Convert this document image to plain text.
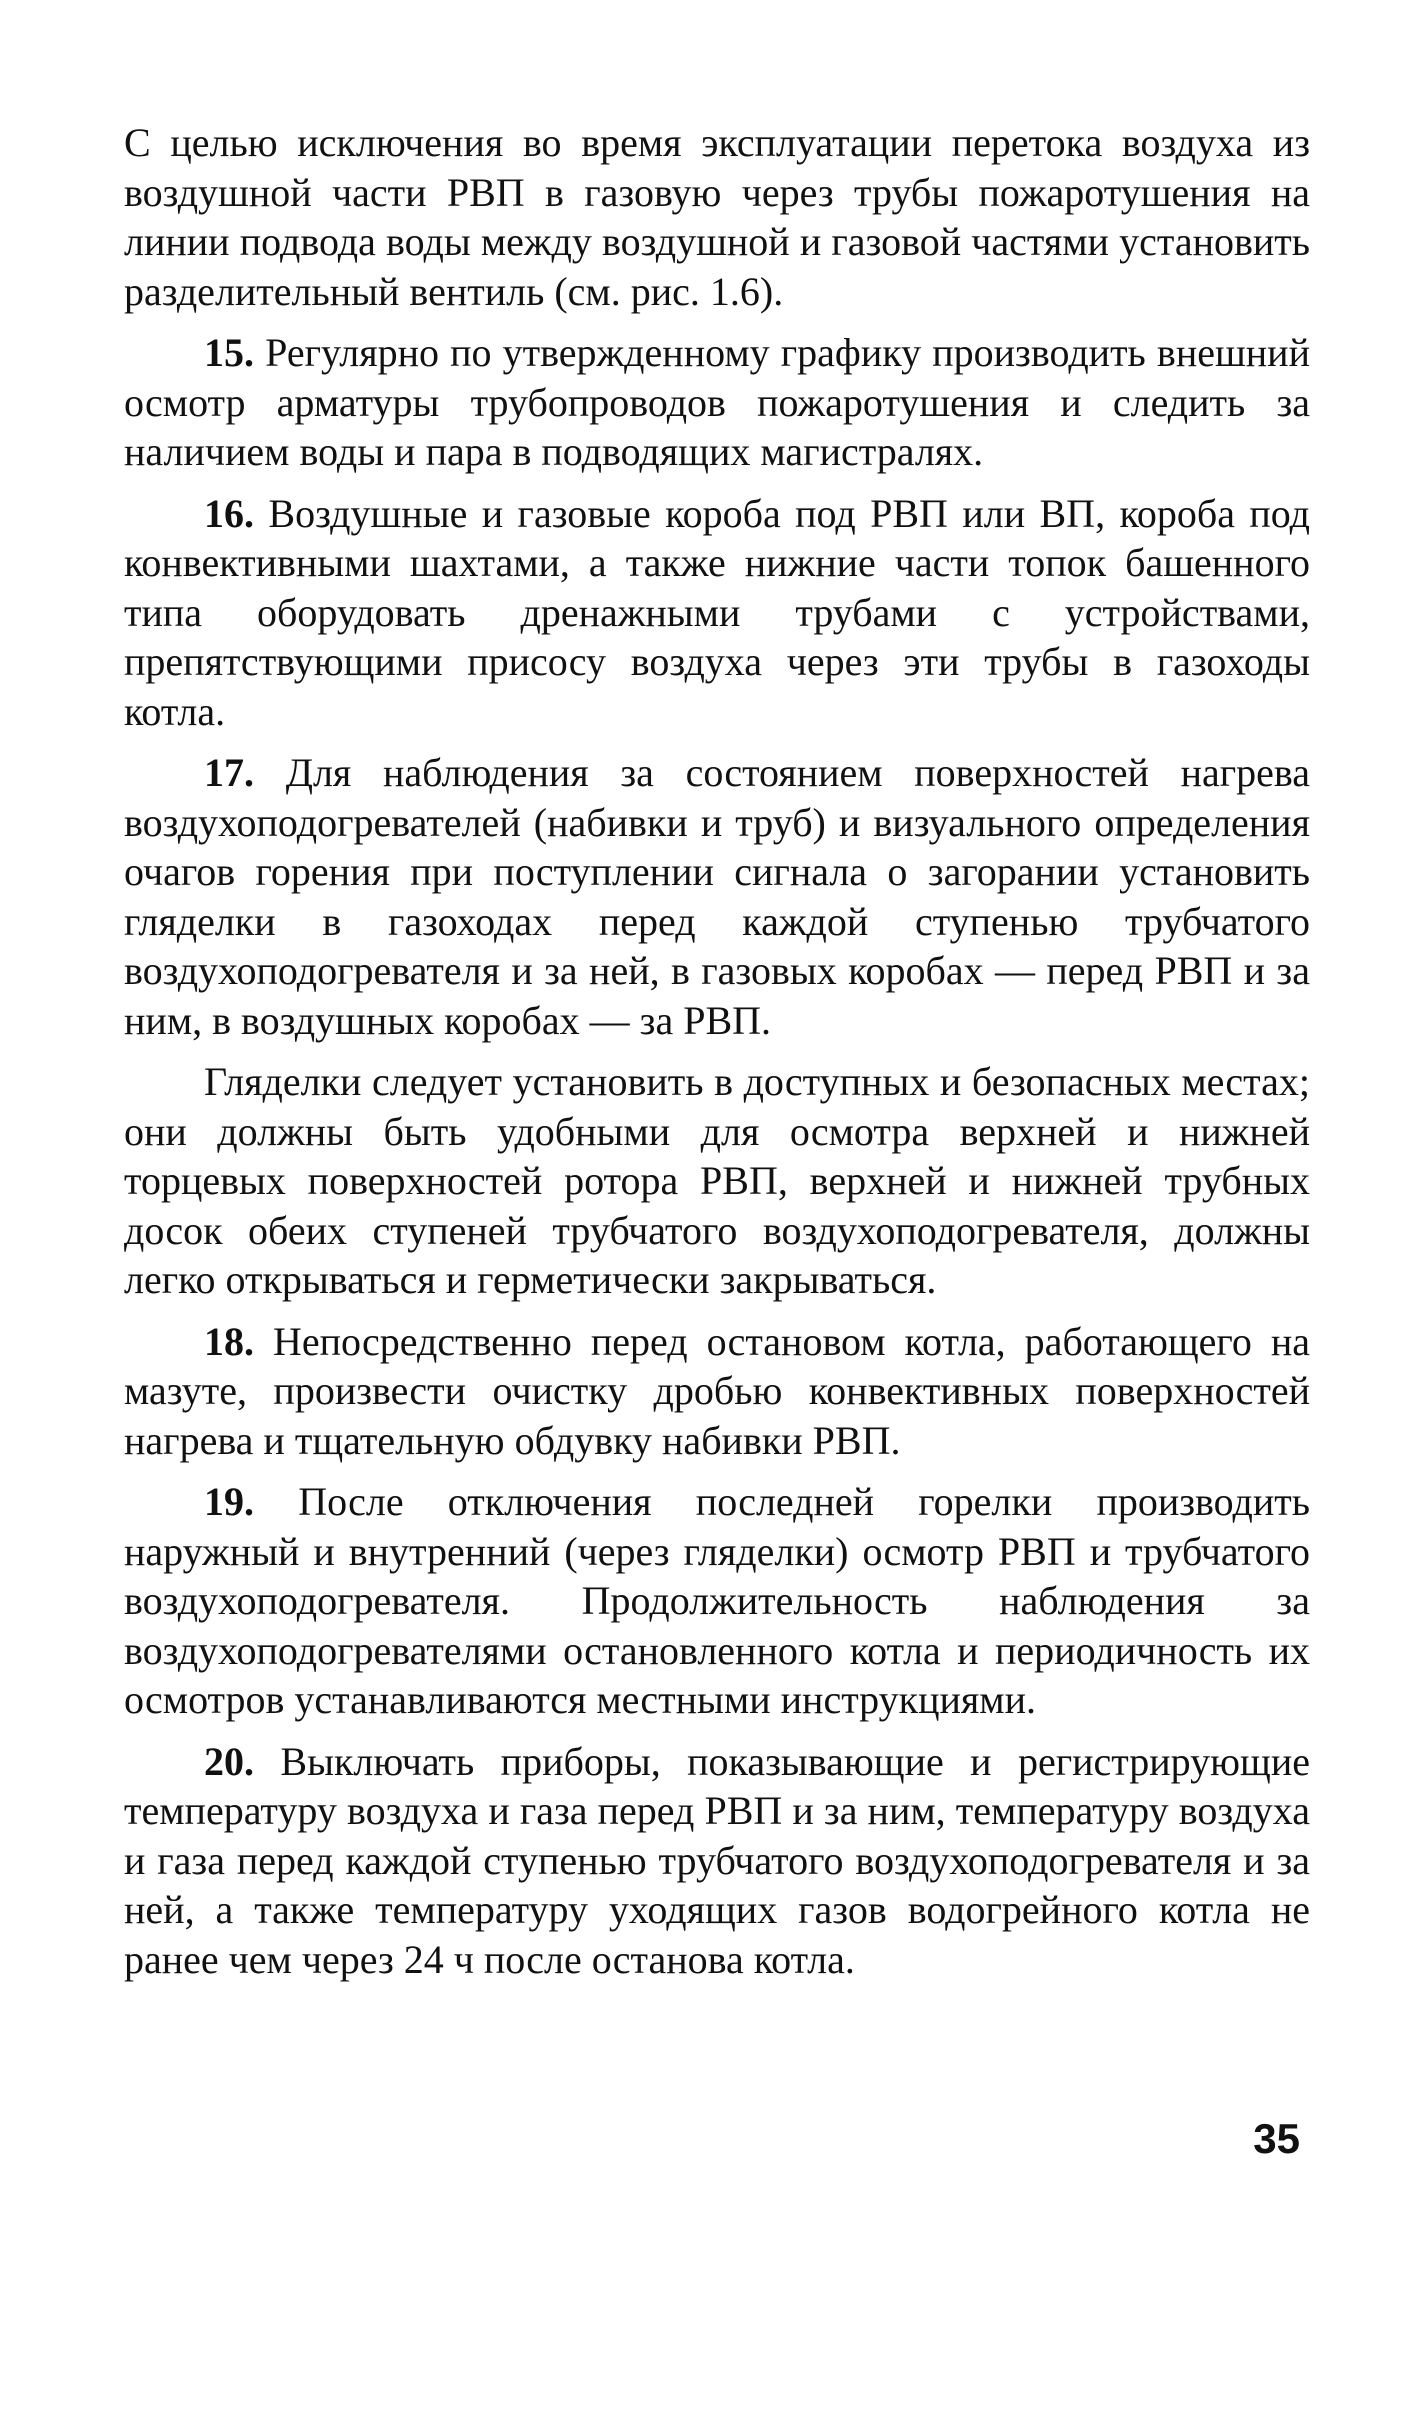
С целью исключения во время эксплуатации перетока воздуха из воздушной части РВП в газовую через трубы пожаротушения на линии подвода воды между воздушной и газовой частями установить разделительный вентиль (см. рис. 1.6).

15. Регулярно по утвержденному графику производить внешний осмотр арматуры трубопроводов пожаротушения и следить за наличием воды и пара в подводящих магистралях.

16. Воздушные и газовые короба под РВП или ВП, короба под конвективными шахтами, а также нижние части топок башенного типа оборудовать дренажными трубами с устройствами, препятствующими присосу воздуха через эти трубы в газоходы котла.

17. Для наблюдения за состоянием поверхностей нагрева воздухоподогревателей (набивки и труб) и визуального определения очагов горения при поступлении сигнала о загорании установить гляделки в газоходах перед каждой ступенью трубчатого воздухоподогревателя и за ней, в газовых коробах — перед РВП и за ним, в воздушных коробах — за РВП.

Гляделки следует установить в доступных и безопасных местах; они должны быть удобными для осмотра верхней и нижней торцевых поверхностей ротора РВП, верхней и нижней трубных досок обеих ступеней трубчатого воздухоподогревателя, должны легко открываться и герметически закрываться.

18. Непосредственно перед остановом котла, работающего на мазуте, произвести очистку дробью конвективных поверхностей нагрева и тщательную обдувку набивки РВП.

19. После отключения последней горелки производить наружный и внутренний (через гляделки) осмотр РВП и трубчатого воздухоподогревателя. Продолжительность наблюдения за воздухоподогревателями остановленного котла и периодичность их осмотров устанавливаются местными инструкциями.

20. Выключать приборы, показывающие и регистрирующие температуру воздуха и газа перед РВП и за ним, температуру воздуха и газа перед каждой ступенью трубчатого воздухоподогревателя и за ней, а также температуру уходящих газов водогрейного котла не ранее чем через 24 ч после останова котла.

35
